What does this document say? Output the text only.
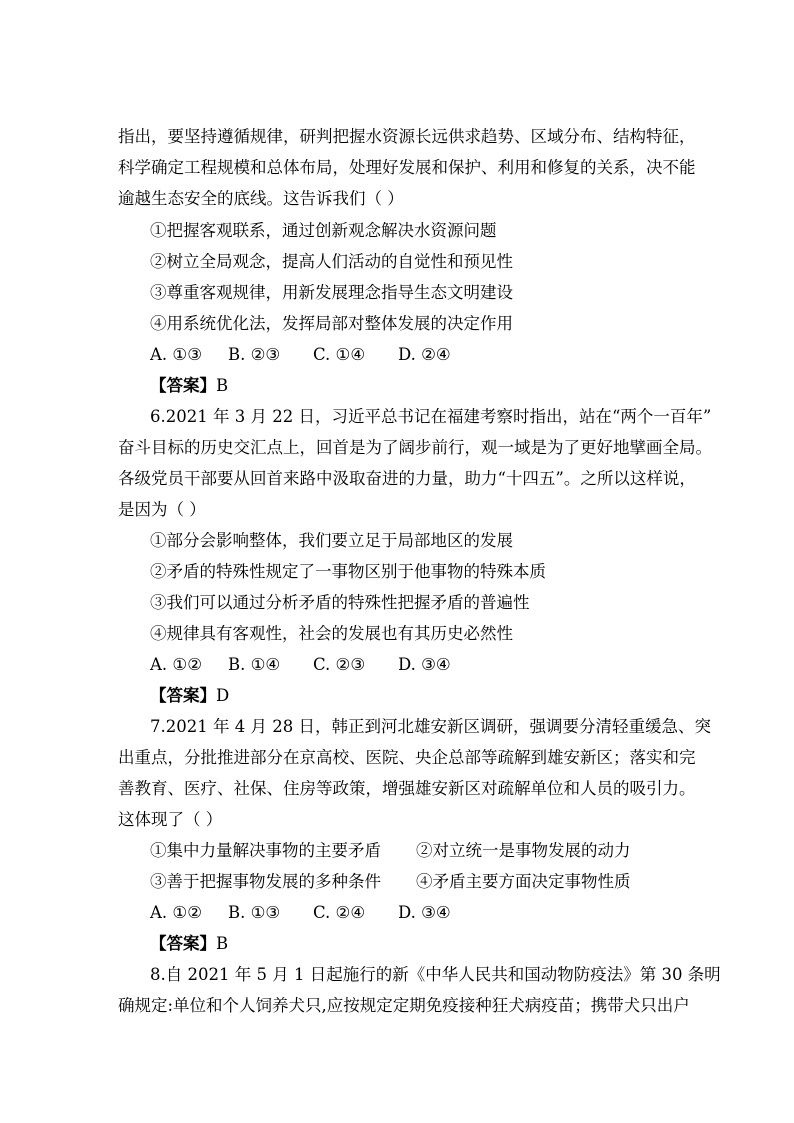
指出，要坚持遵循规律，研判把握水资源长远供求趋势、区域分布、结构特征，
科学确定工程规模和总体布局，处理好发展和保护、利用和修复的关系，决不能
逾越生态安全的底线。这告诉我们（ ）
①把握客观联系，通过创新观念解决水资源问题
②树立全局观念，提高人们活动的自觉性和预见性
③尊重客观规律，用新发展理念指导生态文明建设
④用系统优化法，发挥局部对整体发展的决定作用
A. ①③ B. ②③ C. ①④ D. ②④
【答案】B
6.2021 年 3 月 22 日，习近平总书记在福建考察时指出，站在“两个一百年”
奋斗目标的历史交汇点上，回首是为了阔步前行，观一域是为了更好地擘画全局。
各级党员干部要从回首来路中汲取奋进的力量，助力“十四五”。之所以这样说，
是因为（ ）
①部分会影响整体，我们要立足于局部地区的发展
②矛盾的特殊性规定了一事物区别于他事物的特殊本质
③我们可以通过分析矛盾的特殊性把握矛盾的普遍性
④规律具有客观性，社会的发展也有其历史必然性
A. ①② B. ①④ C. ②③ D. ③④
【答案】D
7.2021 年 4 月 28 日，韩正到河北雄安新区调研，强调要分清轻重缓急、突
出重点，分批推进部分在京高校、医院、央企总部等疏解到雄安新区；落实和完
善教育、医疗、社保、住房等政策，增强雄安新区对疏解单位和人员的吸引力。
这体现了（ ）
①集中力量解决事物的主要矛盾 ②对立统一是事物发展的动力
③善于把握事物发展的多种条件 ④矛盾主要方面决定事物性质
A. ①② B. ①③ C. ②④ D. ③④
【答案】B
8.自 2021 年 5 月 1 日起施行的新《中华人民共和国动物防疫法》第 30 条明
确规定:单位和个人饲养犬只,应按规定定期免疫接种狂犬病疫苗；携带犬只出户
